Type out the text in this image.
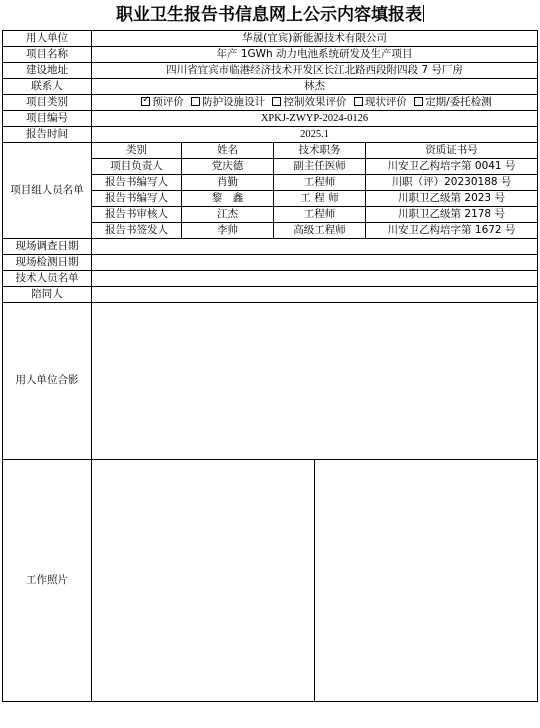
职业卫生报告书信息网上公示内容填报表
用人单位	华晟(宜宾)新能源技术有限公司			
项目名称	年产 1GWh 动力电池系统研发及生产项目			
建设地址	四川省宜宾市临港经济技术开发区长江北路西段附四段 7 号厂房			
联系人	林杰			
项目类别	✓预评价 防护设施设计 控制效果评价 现状评价 定期/委托检测
项目编号	XPKJ-ZWYP-2024-0126			
报告时间	2025.1			
项目组人员名单	类别	姓名	技术职务	资质证书号
	项目负责人	党庆德	副主任医师	川安卫乙构培字第 0041 号
	报告书编写人	肖勤	工程师	川职（评）20230188 号
	报告书编写人	黎　鑫	工 程 师	川职卫乙级第 2023 号
	报告书审核人	江杰	工程师	川职卫乙级第 2178 号
	报告书签发人	李帅	高级工程师	川安卫乙构培字第 1672 号
现场调查日期				
现场检测日期				
技术人员名单				
陪同人				
用人单位合影				
工作照片				
